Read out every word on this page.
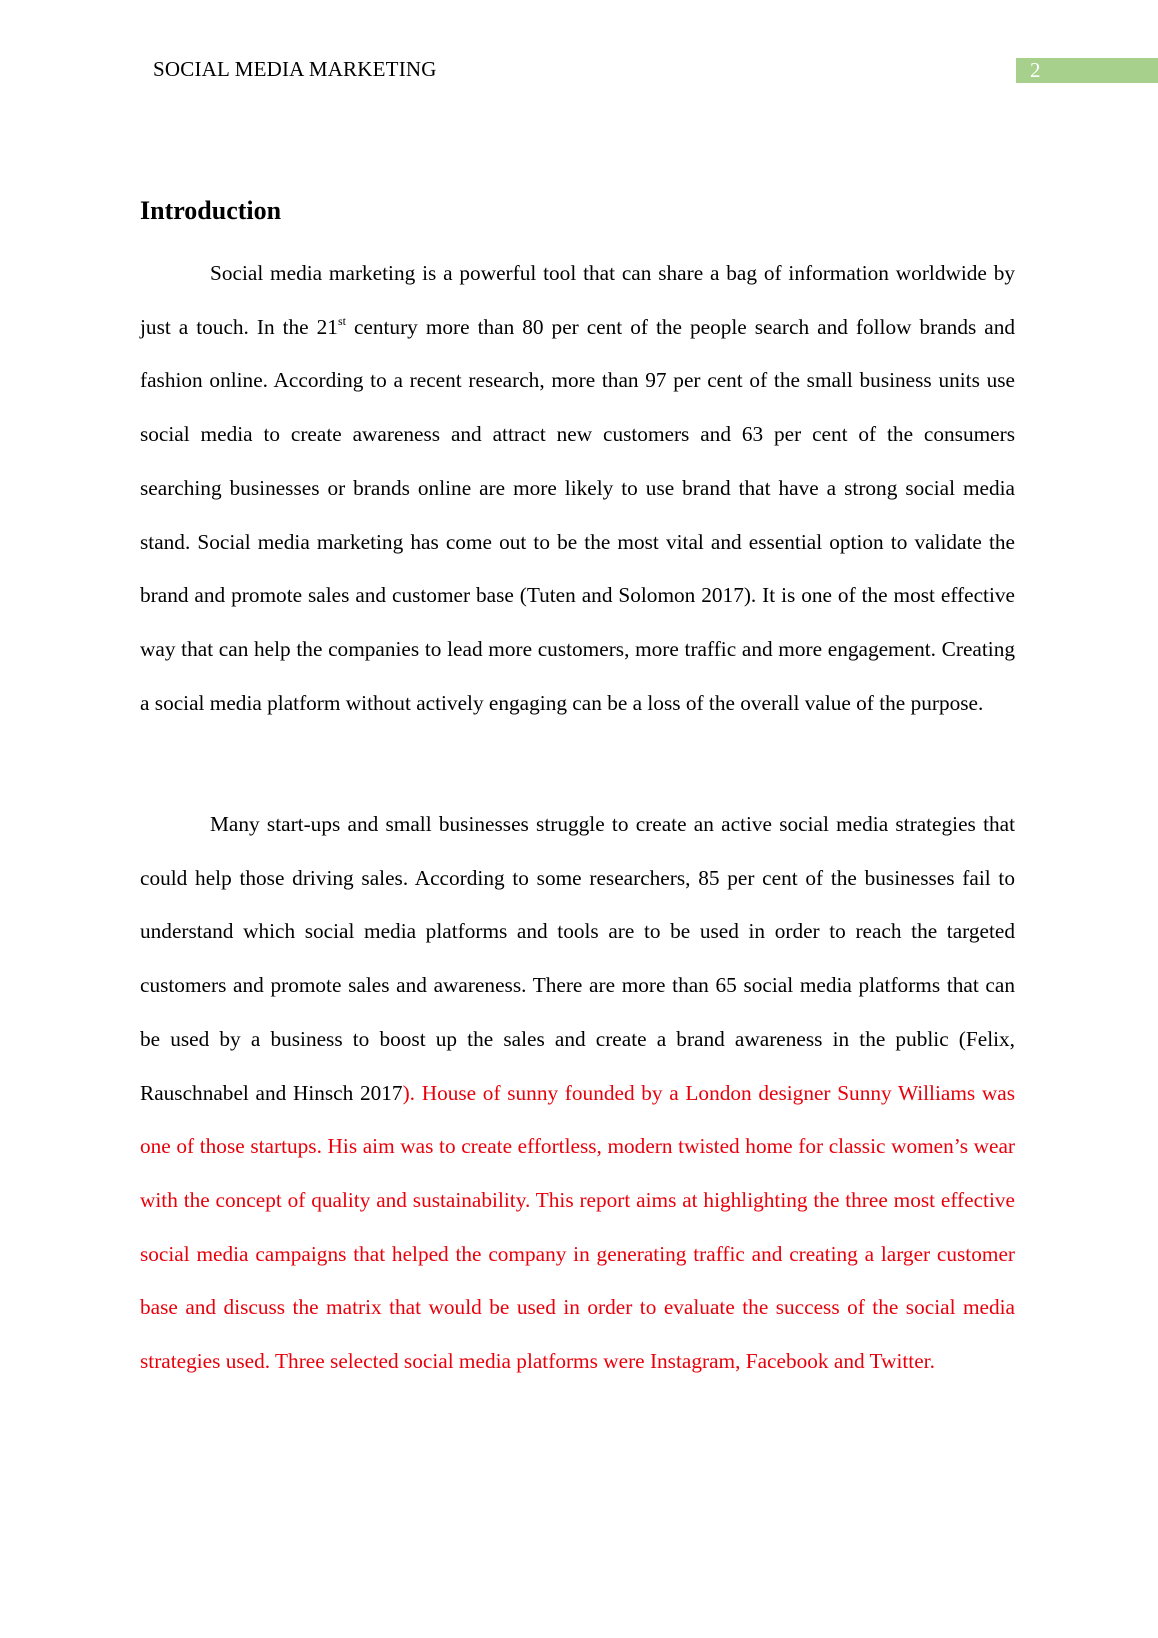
SOCIAL MEDIA MARKETING	2
Introduction

Social media marketing is a powerful tool that can share a bag of information worldwide by just a touch. In the 21st century more than 80 per cent of the people search and follow brands and fashion online. According to a recent research, more than 97 per cent of the small business units use social media to create awareness and attract new customers and 63 per cent of the consumers searching businesses or brands online are more likely to use brand that have a strong social media stand. Social media marketing has come out to be the most vital and essential option to validate the brand and promote sales and customer base (Tuten and Solomon 2017). It is one of the most effective way that can help the companies to lead more customers, more traffic and more engagement. Creating a social media platform without actively engaging can be a loss of the overall value of the purpose.

Many start-ups and small businesses struggle to create an active social media strategies that could help those driving sales. According to some researchers, 85 per cent of the businesses fail to understand which social media platforms and tools are to be used in order to reach the targeted customers and promote sales and awareness. There are more than 65 social media platforms that can be used by a business to boost up the sales and create a brand awareness in the public (Felix, Rauschnabel and Hinsch 2017). House of sunny founded by a London designer Sunny Williams was one of those startups. His aim was to create effortless, modern twisted home for classic women’s wear with the concept of quality and sustainability. This report aims at highlighting the three most effective social media campaigns that helped the company in generating traffic and creating a larger customer base and discuss the matrix that would be used in order to evaluate the success of the social media strategies used. Three selected social media platforms were Instagram, Facebook and Twitter.
